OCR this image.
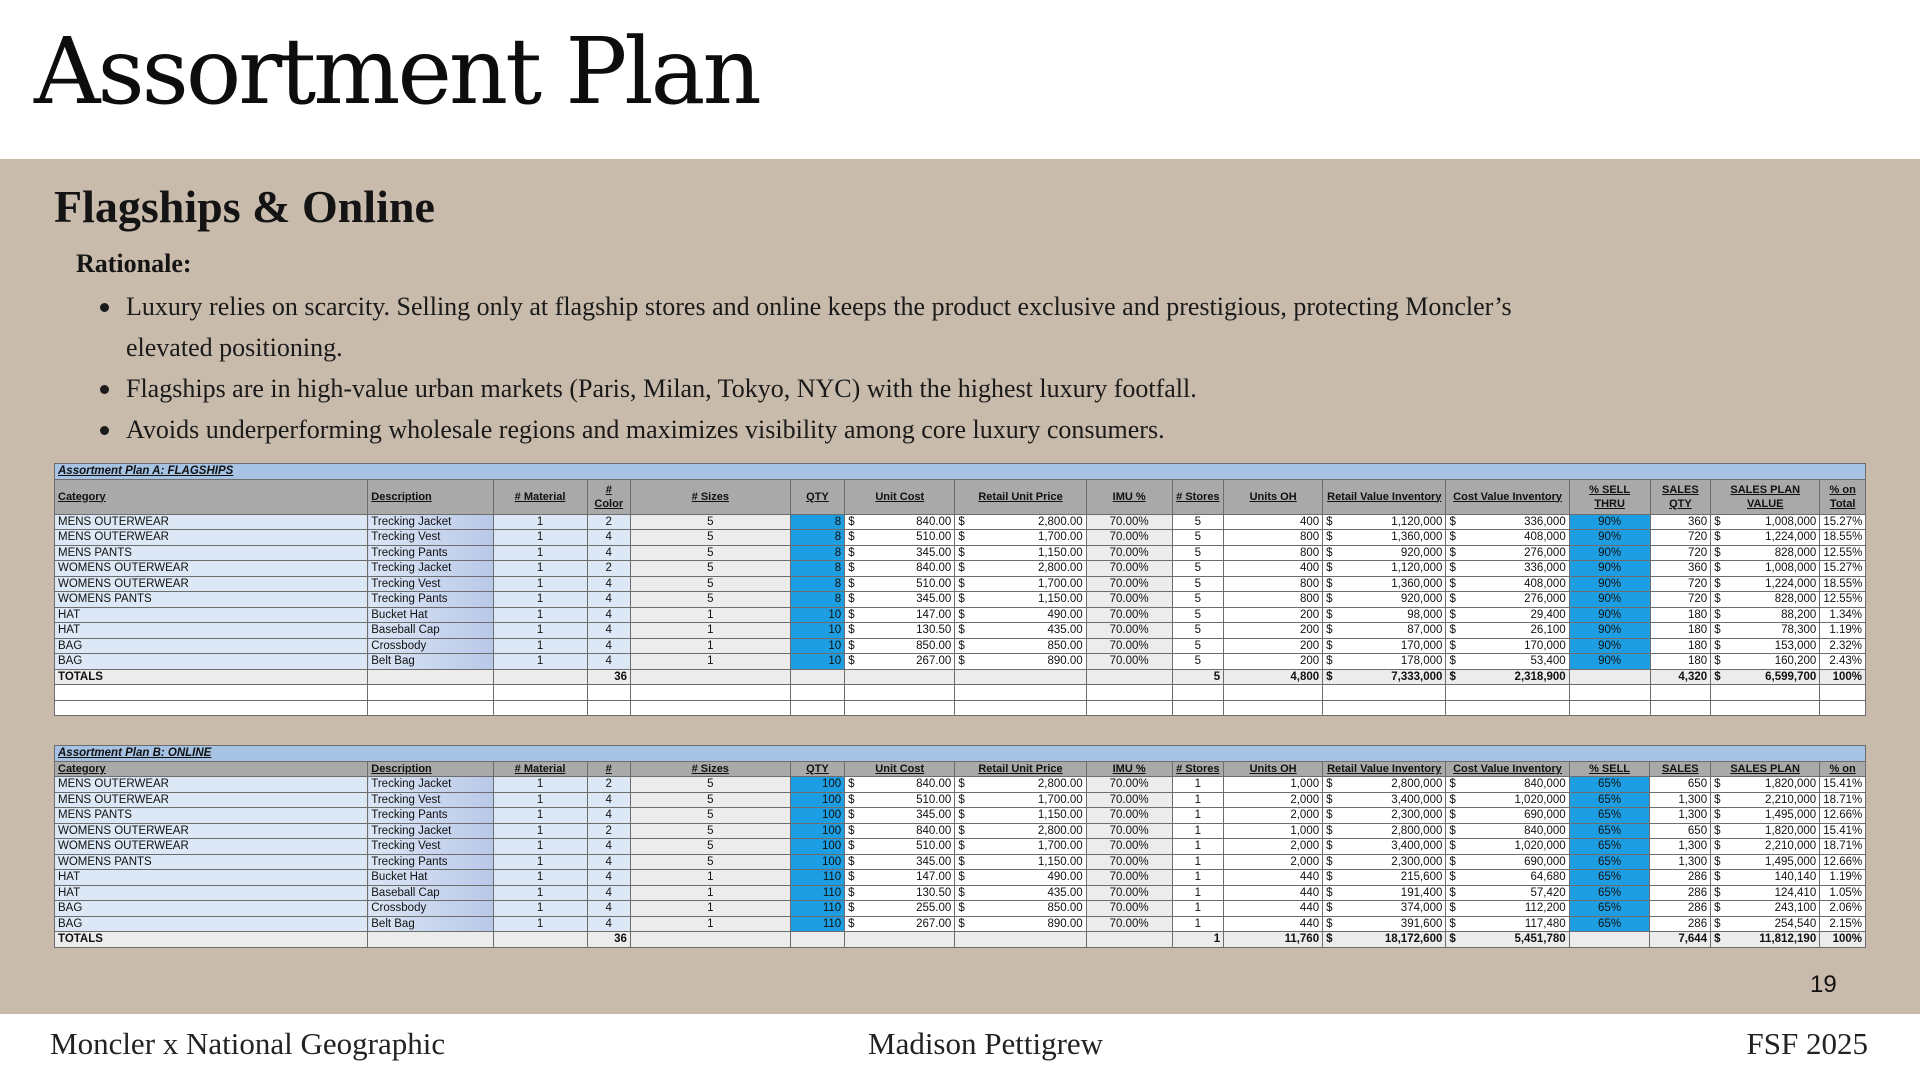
Assortment Plan
Flagships & Online
Rationale:
Luxury relies on scarcity. Selling only at flagship stores and online keeps the product exclusive and prestigious, protecting Moncler’s elevated positioning.
Flagships are in high-value urban markets (Paris, Milan, Tokyo, NYC) with the highest luxury footfall.
Avoids underperforming wholesale regions and maximizes visibility among core luxury consumers.
Assortment Plan A: FLAGSHIPS																
Category	Description	# Material	# Color	# Sizes	QTY	Unit Cost	Retail Unit Price	IMU %	# Stores	Units OH	Retail Value Inventory	Cost Value Inventory	% SELL THRU	SALES QTY	SALES PLAN VALUE	% on Total
MENS OUTERWEAR	Trecking Jacket	1	2	5	8	$ 840.00	$ 2,800.00	70.00%	5	400	$ 1,120,000	$ 336,000	90%	360	$ 1,008,000	15.27%
MENS OUTERWEAR	Trecking Vest	1	4	5	8	$ 510.00	$ 1,700.00	70.00%	5	800	$ 1,360,000	$ 408,000	90%	720	$ 1,224,000	18.55%
MENS PANTS	Trecking Pants	1	4	5	8	$ 345.00	$ 1,150.00	70.00%	5	800	$ 920,000	$ 276,000	90%	720	$ 828,000	12.55%
WOMENS OUTERWEAR	Trecking Jacket	1	2	5	8	$ 840.00	$ 2,800.00	70.00%	5	400	$ 1,120,000	$ 336,000	90%	360	$ 1,008,000	15.27%
WOMENS OUTERWEAR	Trecking Vest	1	4	5	8	$ 510.00	$ 1,700.00	70.00%	5	800	$ 1,360,000	$ 408,000	90%	720	$ 1,224,000	18.55%
WOMENS PANTS	Trecking Pants	1	4	5	8	$ 345.00	$ 1,150.00	70.00%	5	800	$ 920,000	$ 276,000	90%	720	$ 828,000	12.55%
HAT	Bucket Hat	1	4	1	10	$ 147.00	$ 490.00	70.00%	5	200	$ 98,000	$ 29,400	90%	180	$ 88,200	1.34%
HAT	Baseball Cap	1	4	1	10	$ 130.50	$ 435.00	70.00%	5	200	$ 87,000	$ 26,100	90%	180	$ 78,300	1.19%
BAG	Crossbody	1	4	1	10	$ 850.00	$ 850.00	70.00%	5	200	$ 170,000	$ 170,000	90%	180	$ 153,000	2.32%
BAG	Belt Bag	1	4	1	10	$ 267.00	$ 890.00	70.00%	5	200	$ 178,000	$ 53,400	90%	180	$ 160,200	2.43%
TOTALS			36						5	4,800	$ 7,333,000	$ 2,318,900		4,320	$ 6,599,700	100%

Assortment Plan B: ONLINE																
Category	Description	# Material	#	# Sizes	QTY	Unit Cost	Retail Unit Price	IMU %	# Stores	Units OH	Retail Value Inventory	Cost Value Inventory	% SELL	SALES	SALES PLAN	% on
MENS OUTERWEAR	Trecking Jacket	1	2	5	100	$ 840.00	$ 2,800.00	70.00%	1	1,000	$ 2,800,000	$ 840,000	65%	650	$ 1,820,000	15.41%
MENS OUTERWEAR	Trecking Vest	1	4	5	100	$ 510.00	$ 1,700.00	70.00%	1	2,000	$ 3,400,000	$ 1,020,000	65%	1,300	$ 2,210,000	18.71%
MENS PANTS	Trecking Pants	1	4	5	100	$ 345.00	$ 1,150.00	70.00%	1	2,000	$ 2,300,000	$ 690,000	65%	1,300	$ 1,495,000	12.66%
WOMENS OUTERWEAR	Trecking Jacket	1	2	5	100	$ 840.00	$ 2,800.00	70.00%	1	1,000	$ 2,800,000	$ 840,000	65%	650	$ 1,820,000	15.41%
WOMENS OUTERWEAR	Trecking Vest	1	4	5	100	$ 510.00	$ 1,700.00	70.00%	1	2,000	$ 3,400,000	$ 1,020,000	65%	1,300	$ 2,210,000	18.71%
WOMENS PANTS	Trecking Pants	1	4	5	100	$ 345.00	$ 1,150.00	70.00%	1	2,000	$ 2,300,000	$ 690,000	65%	1,300	$ 1,495,000	12.66%
HAT	Bucket Hat	1	4	1	110	$ 147.00	$ 490.00	70.00%	1	440	$ 215,600	$ 64,680	65%	286	$ 140,140	1.19%
HAT	Baseball Cap	1	4	1	110	$ 130.50	$ 435.00	70.00%	1	440	$ 191,400	$ 57,420	65%	286	$ 124,410	1.05%
BAG	Crossbody	1	4	1	110	$ 255.00	$ 850.00	70.00%	1	440	$ 374,000	$ 112,200	65%	286	$ 243,100	2.06%
BAG	Belt Bag	1	4	1	110	$ 267.00	$ 890.00	70.00%	1	440	$ 391,600	$ 117,480	65%	286	$ 254,540	2.15%
TOTALS			36						1	11,760	$ 18,172,600	$ 5,451,780		7,644	$ 11,812,190	100%
19
Moncler x National Geographic	Madison Pettigrew	FSF 2025
